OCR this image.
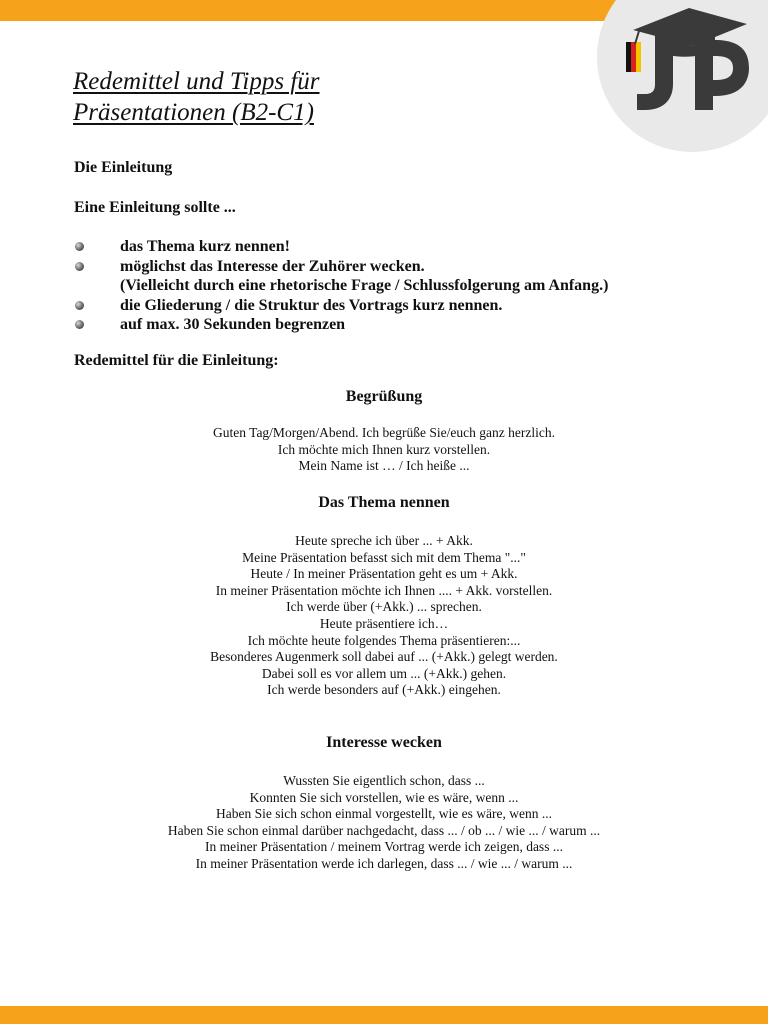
Redemittel und Tipps für
Präsentationen (B2-C1)

Die Einleitung

Eine Einleitung sollte ...

das Thema kurz nennen!
möglichst das Interesse der Zuhörer wecken.
(Vielleicht durch eine rhetorische Frage / Schlussfolgerung am Anfang.)
die Gliederung / die Struktur des Vortrags kurz nennen.
auf max. 30 Sekunden begrenzen

Redemittel für die Einleitung:

Begrüßung
Guten Tag/Morgen/Abend. Ich begrüße Sie/euch ganz herzlich.
Ich möchte mich Ihnen kurz vorstellen.
Mein Name ist … / Ich heiße ...
Das Thema nennen
Heute spreche ich über ... + Akk.
Meine Präsentation befasst sich mit dem Thema "..."
Heute / In meiner Präsentation geht es um + Akk.
In meiner Präsentation möchte ich Ihnen .... + Akk. vorstellen.
Ich werde über (+Akk.) ... sprechen.
Heute präsentiere ich…
Ich möchte heute folgendes Thema präsentieren:...
Besonderes Augenmerk soll dabei auf ... (+Akk.) gelegt werden.
Dabei soll es vor allem um ... (+Akk.) gehen.
Ich werde besonders auf (+Akk.) eingehen.
Interesse wecken
Wussten Sie eigentlich schon, dass ...
Konnten Sie sich vorstellen, wie es wäre, wenn ...
Haben Sie sich schon einmal vorgestellt, wie es wäre, wenn ...
Haben Sie schon einmal darüber nachgedacht, dass ... / ob ... / wie ... / warum ...
In meiner Präsentation / meinem Vortrag werde ich zeigen, dass ...
In meiner Präsentation werde ich darlegen, dass ... / wie ... / warum ...
